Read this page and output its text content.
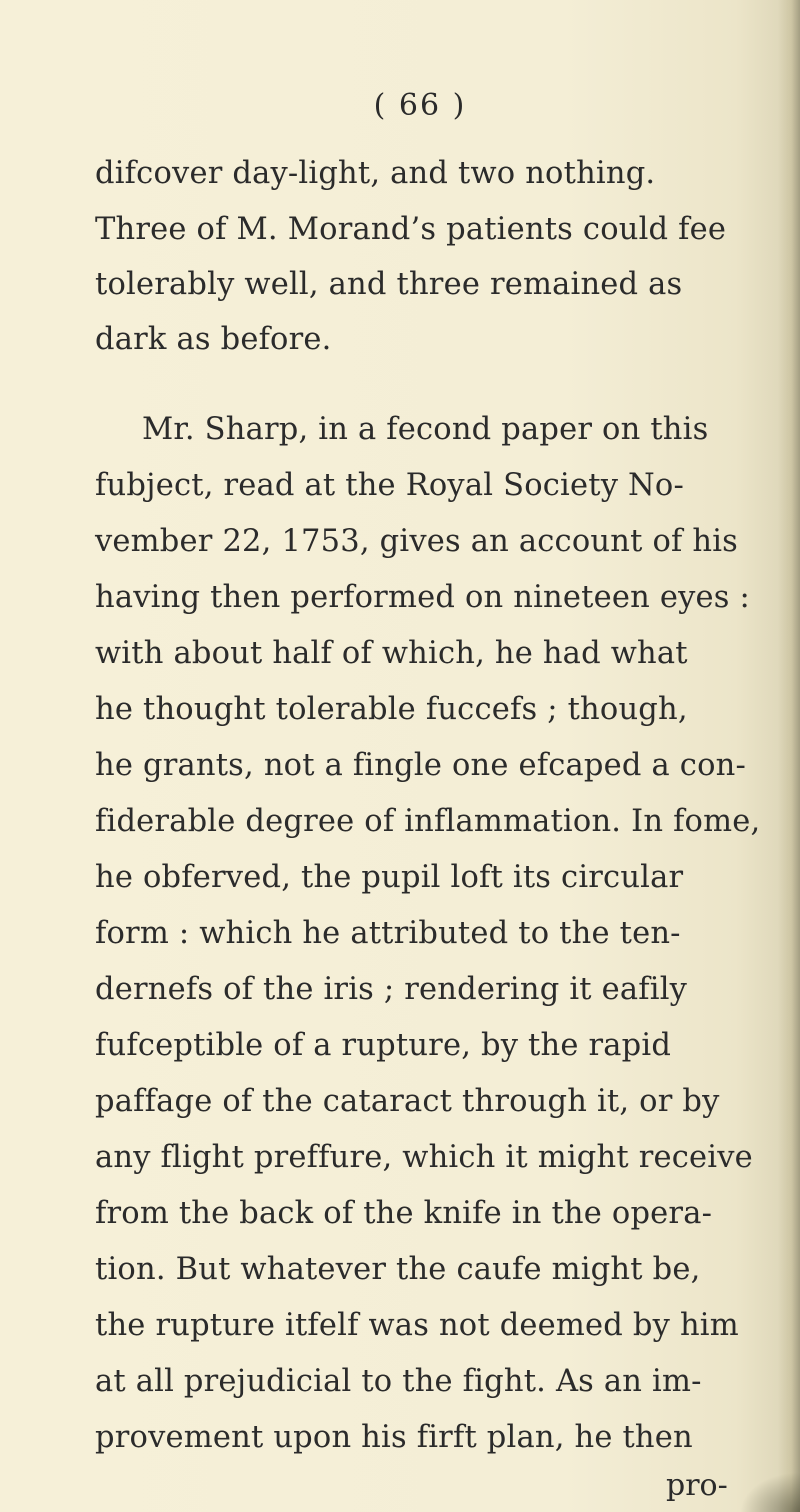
( 66 )
difcover day-light, and two nothing.
Three of M. Morand’s patients could fee
tolerably well, and three remained as
dark as before.
Mr. Sharp, in a fecond paper on this
fubject, read at the Royal Society No-
vember 22, 1753, gives an account of his
having then performed on nineteen eyes :
with about half of which, he had what
he thought tolerable fuccefs ; though,
he grants, not a fingle one efcaped a con-
fiderable degree of inflammation. In fome,
he obferved, the pupil loft its circular
form : which he attributed to the ten-
dernefs of the iris ; rendering it eafily
fufceptible of a rupture, by the rapid
paffage of the cataract through it, or by
any flight preffure, which it might receive
from the back of the knife in the opera-
tion. But whatever the caufe might be,
the rupture itfelf was not deemed by him
at all prejudicial to the fight. As an im-
provement upon his firft plan, he then
pro-
